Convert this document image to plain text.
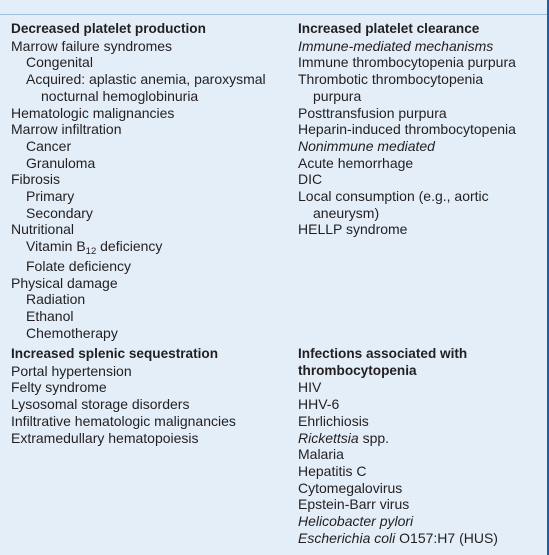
Decreased platelet production
Marrow failure syndromes
Congenital
Acquired: aplastic anemia, paroxysmal
nocturnal hemoglobinuria
Hematologic malignancies
Marrow infiltration
Cancer
Granuloma
Fibrosis
Primary
Secondary
Nutritional
Vitamin $B_{12}$ deficiency
Folate deficiency
Physical damage
Radiation
Ethanol
Chemotherapy
Increased platelet clearance
Immune-mediated mechanisms
Immune thrombocytopenia purpura
Thrombotic thrombocytopenia
purpura
Posttransfusion purpura
Heparin-induced thrombocytopenia
Nonimmune mediated
Acute hemorrhage
DIC
Local consumption (e.g., aortic
aneurysm)
HELLP syndrome
Increased splenic sequestration
Portal hypertension
Felty syndrome
Lysosomal storage disorders
Infiltrative hematologic malignancies
Extramedullary hematopoiesis
Infections associated with
thrombocytopenia
HIV
HHV-6
Ehrlichiosis
Rickettsia spp.
Malaria
Hepatitis C
Cytomegalovirus
Epstein-Barr virus
Helicobacter pylori
Escherichia coli O157:H7 (HUS)
